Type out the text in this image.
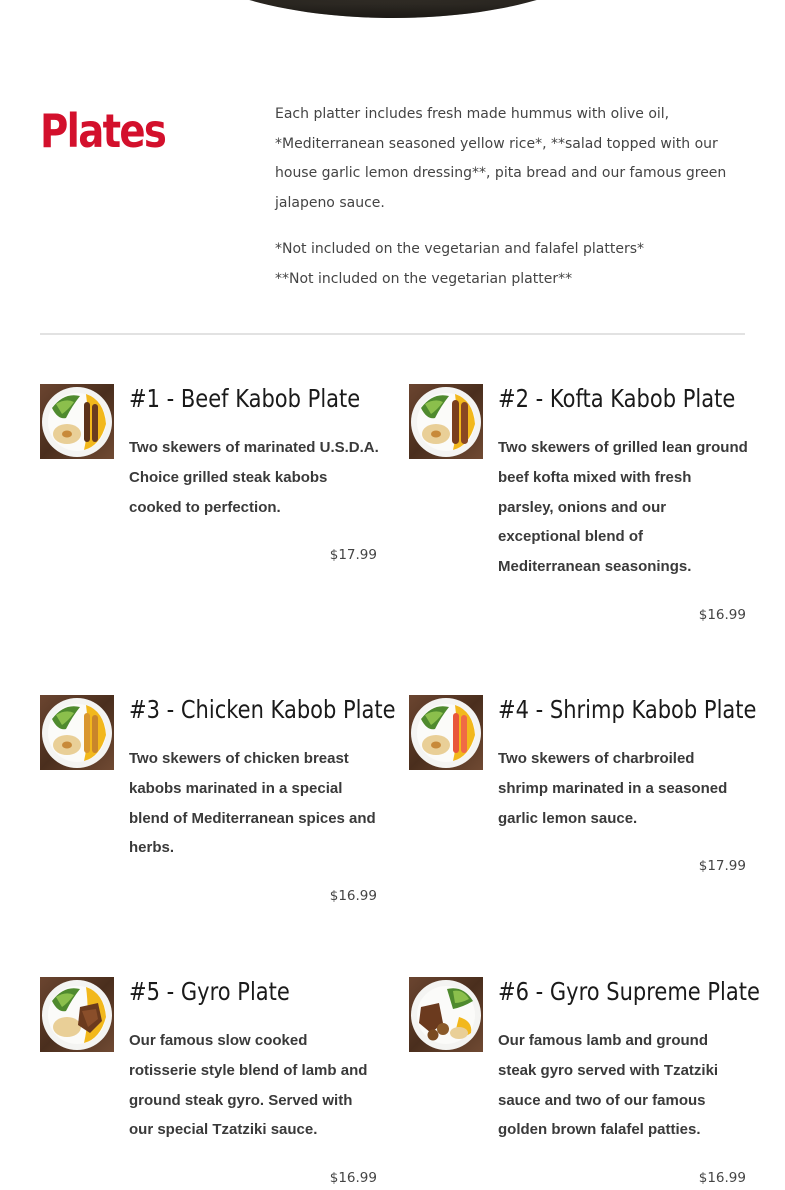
Plates	Each platter includes fresh made hummus with olive oil, *Mediterranean seasoned yellow rice*, **salad topped with our house garlic lemon dressing**, pita bread and our famous green jalapeno sauce.

*Not included on the vegetarian and falafel platters*

**Not included on the vegetarian platter**

#1 - Beef Kabob Plate
Two skewers of marinated U.S.D.A. Choice grilled steak kabobs cooked to perfection.
$17.99
#2 - Kofta Kabob Plate
Two skewers of grilled lean ground beef kofta mixed with fresh parsley, onions and our exceptional blend of Mediterranean seasonings.
$16.99
#3 - Chicken Kabob Plate
Two skewers of chicken breast kabobs marinated in a special blend of Mediterranean spices and herbs.
$16.99
#4 - Shrimp Kabob Plate
Two skewers of charbroiled shrimp marinated in a seasoned garlic lemon sauce.
$17.99
#5 - Gyro Plate
Our famous slow cooked rotisserie style blend of lamb and ground steak gyro. Served with our special Tzatziki sauce.
$16.99
#6 - Gyro Supreme Plate
Our famous lamb and ground steak gyro served with Tzatziki sauce and two of our famous golden brown falafel patties.
$16.99
